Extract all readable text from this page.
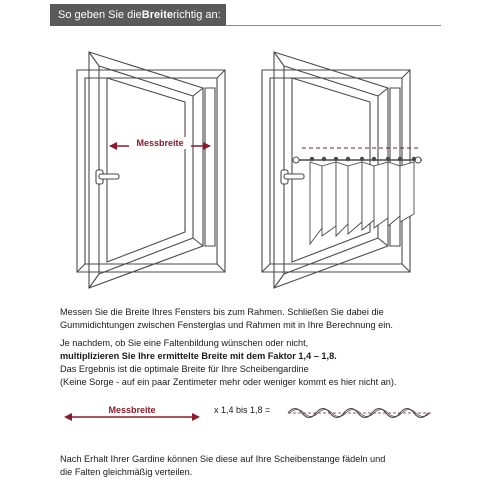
So geben Sie die Breite richtig an:
Messbreite
Messen Sie die Breite Ihres Fensters bis zum Rahmen. Schließen Sie dabei die
Gummidichtungen zwischen Fensterglas und Rahmen mit in Ihre Berechnung ein.
Je nachdem, ob Sie eine Faltenbildung wünschen oder nicht,
multiplizieren Sie Ihre ermittelte Breite mit dem Faktor 1,4 – 1,8.
Das Ergebnis ist die optimale Breite für Ihre Scheibengardine
(Keine Sorge - auf ein paar Zentimeter mehr oder weniger kommt es hier nicht an).
Messbreite	x 1,4 bis 1,8 =
Nach Erhalt Ihrer Gardine können Sie diese auf Ihre Scheibenstange fädeln und
die Falten gleichmäßig verteilen.
